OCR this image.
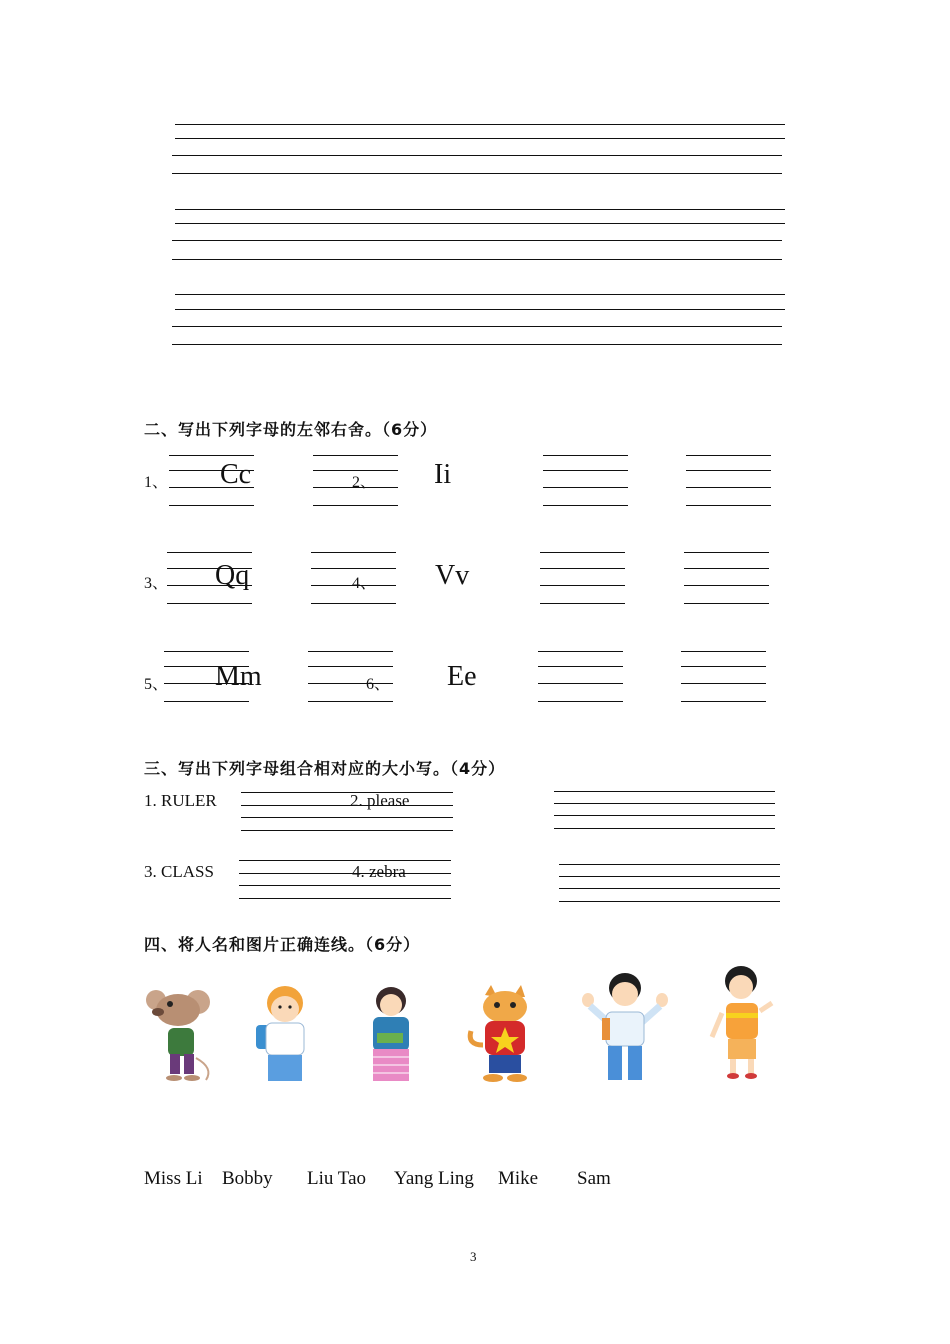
二、写出下列字母的左邻右舍。（6分）
1、 Cc	2、 Ii
3、 Qq	4、 Vv
5、 Mm	6、 Ee
三、写出下列字母组合相对应的大小写。（4分）
1. RULER	2. please
3. CLASS	4. zebra
四、将人名和图片正确连线。（6分）
Miss Li Bobby Liu Tao Yang Ling Mike Sam
3
